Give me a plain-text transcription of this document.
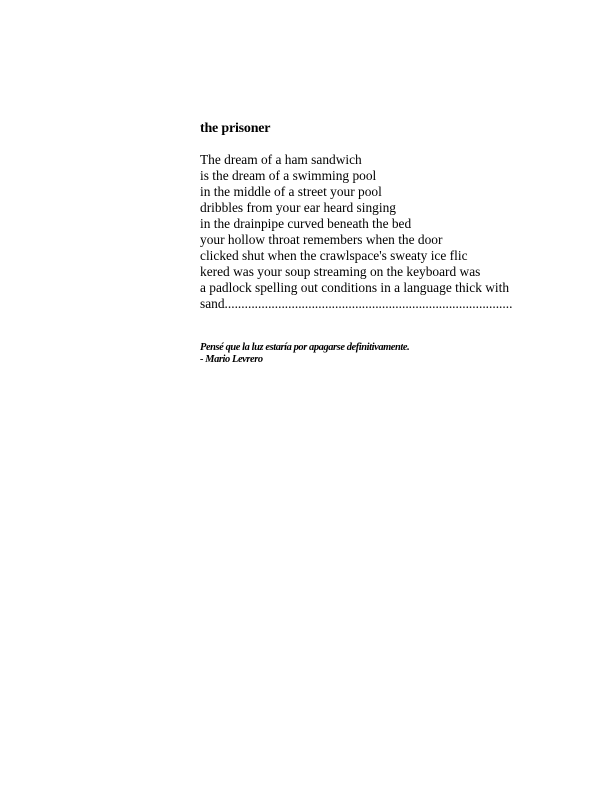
the prisoner
The dream of a ham sandwich
is the dream of a swimming pool
in the middle of a street your pool
dribbles from your ear heard singing
in the drainpipe curved beneath the bed
your hollow throat remembers when the door
clicked shut when the crawlspace's sweaty ice flic
kered was your soup streaming on the keyboard was
a padlock spelling out conditions in a language thick with
sand......................................................................................
Pensé que la luz estaría por apagarse definitivamente.
- Mario Levrero
